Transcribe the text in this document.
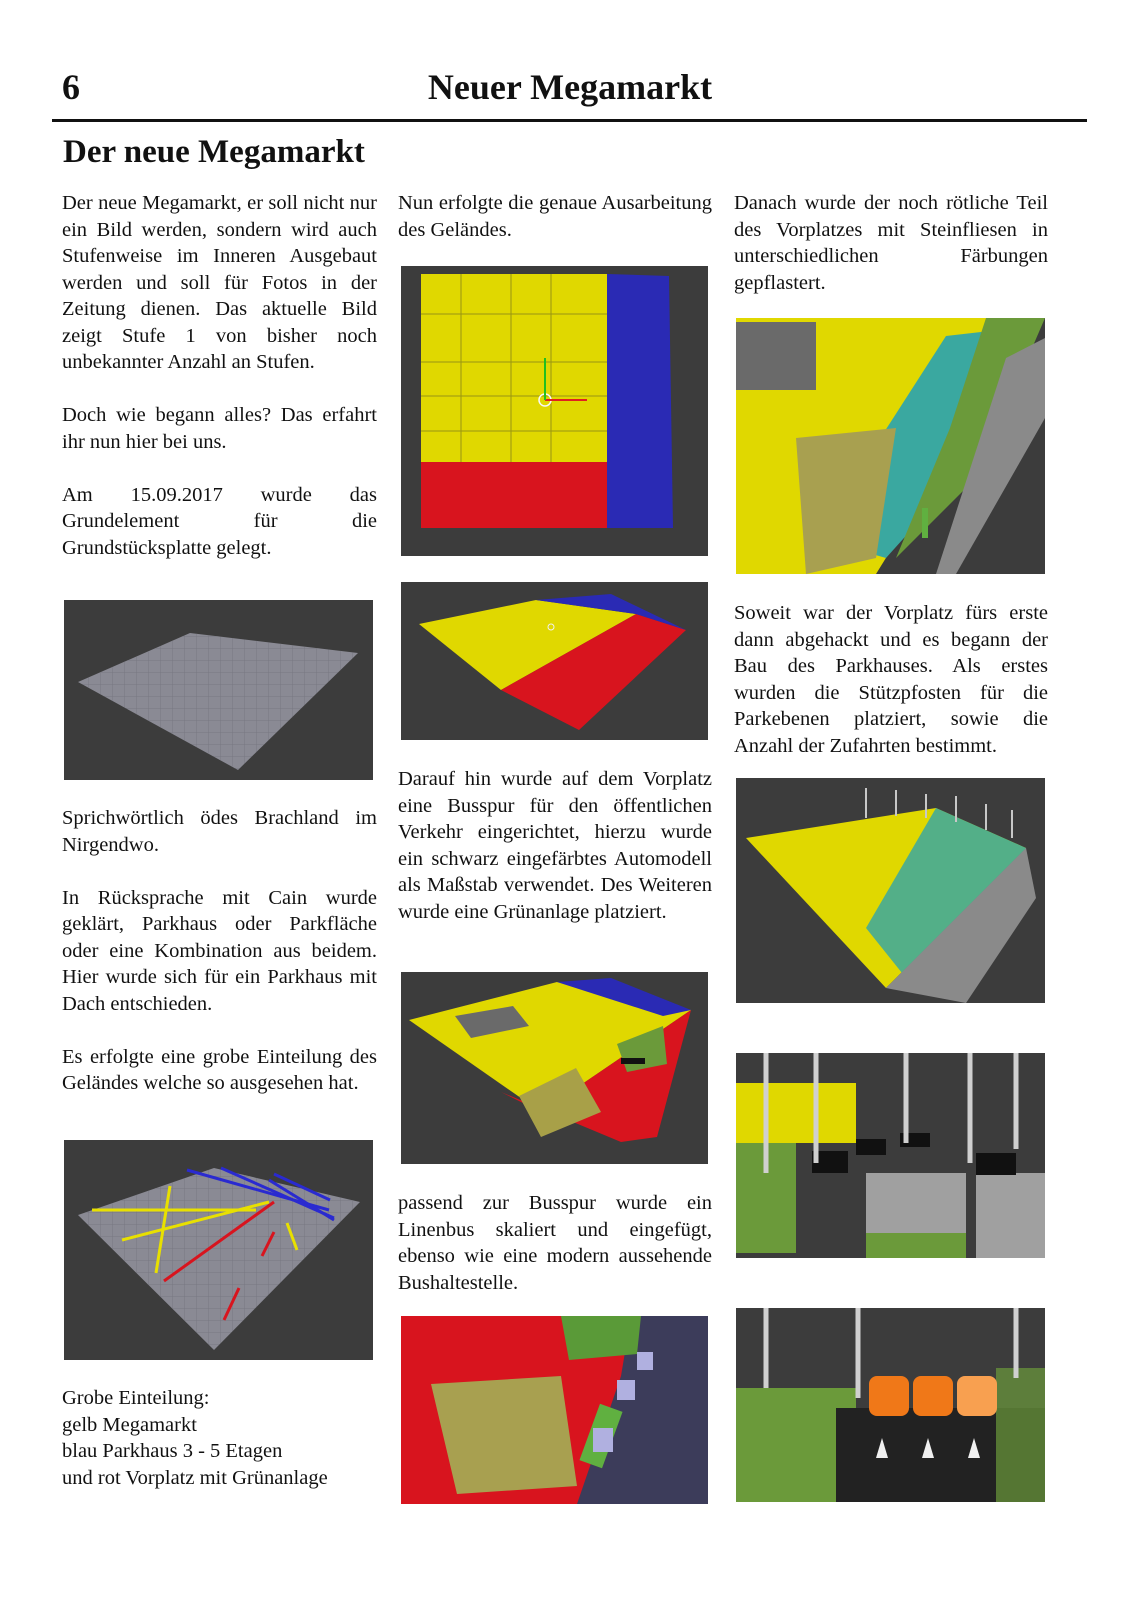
6	Neuer Megamarkt
Der neue Megamarkt

Der neue Megamarkt, er soll nicht nur ein Bild werden, sondern wird auch Stufenweise im Inneren Ausgebaut werden und soll für Fotos in der Zeitung dienen. Das aktuelle Bild zeigt Stufe 1 von bisher noch unbekannter Anzahl an Stufen.

Doch wie begann alles? Das erfahrt ihr nun hier bei uns.

Am 15.09.2017 wurde das Grundelement für die Grundstücksplatte gelegt.

Sprichwörtlich ödes Brachland im Nirgendwo.

In Rücksprache mit Cain wurde geklärt, Parkhaus oder Parkfläche oder eine Kombination aus beidem. Hier wurde sich für ein Parkhaus mit Dach entschieden.

Es erfolgte eine grobe Einteilung des Geländes welche so ausgesehen hat.

Grobe Einteilung:
gelb Megamarkt
blau Parkhaus 3 - 5 Etagen
und rot Vorplatz mit Grünanlage

Nun erfolgte die genaue Ausarbeitung des Geländes.

Darauf hin wurde auf dem Vorplatz eine Busspur für den öffentlichen Verkehr eingerichtet, hierzu wurde ein schwarz eingefärbtes Automodell als Maßstab verwendet. Des Weiteren wurde eine Grünanlage platziert.

passend zur Busspur wurde ein Linenbus skaliert und eingefügt, ebenso wie eine modern aussehende Bushaltestelle.

Danach wurde der noch rötliche Teil des Vorplatzes mit Steinfliesen in unterschiedlichen Färbungen gepflastert.

Soweit war der Vorplatz fürs erste dann abgehackt und es begann der Bau des Parkhauses. Als erstes wurden die Stützpfosten für die Parkebenen platziert, sowie die Anzahl der Zufahrten bestimmt.
